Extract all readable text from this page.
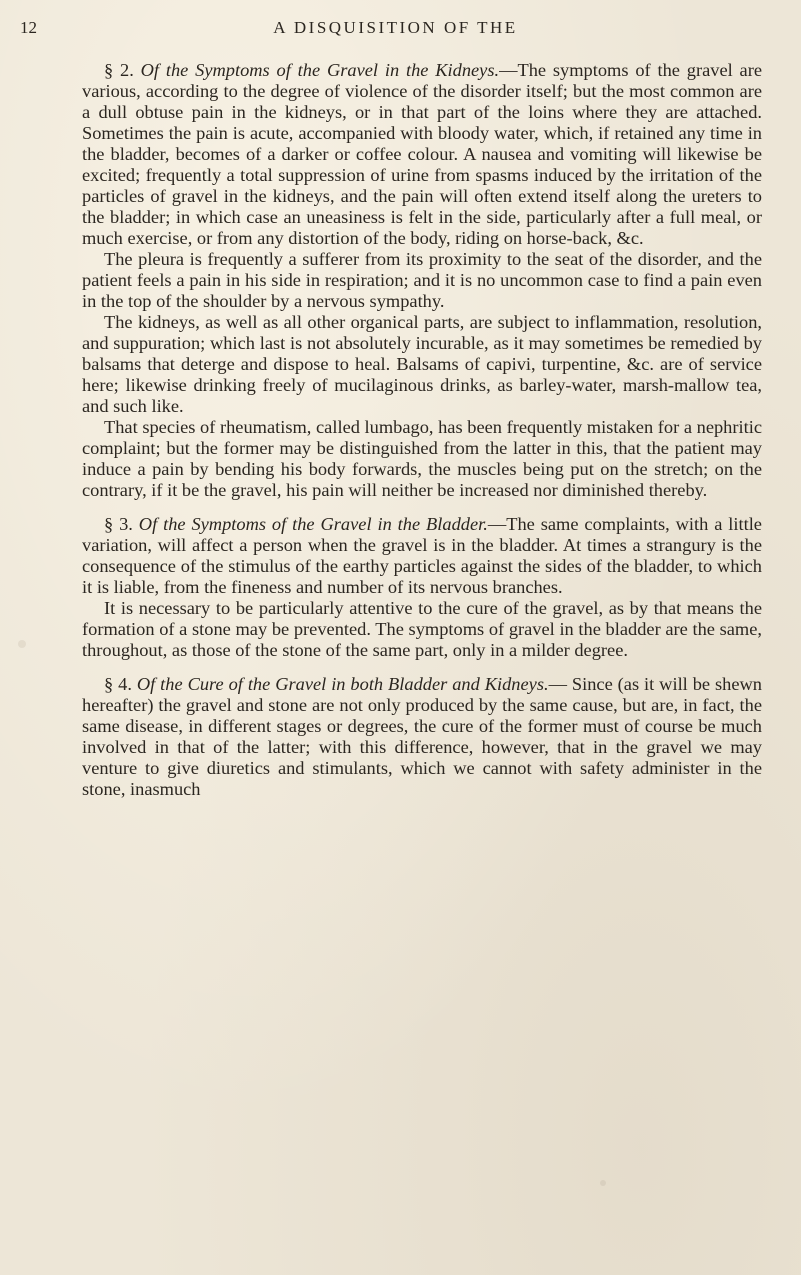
12	A DISQUISITION OF THE

§ 2. Of the Symptoms of the Gravel in the Kidneys.—The symptoms of the gravel are various, according to the degree of violence of the disorder itself; but the most common are a dull obtuse pain in the kidneys, or in that part of the loins where they are attached. Sometimes the pain is acute, accompanied with bloody water, which, if retained any time in the bladder, becomes of a darker or coffee colour. A nausea and vomiting will likewise be excited; frequently a total suppression of urine from spasms induced by the irritation of the particles of gravel in the kidneys, and the pain will often extend itself along the ureters to the bladder; in which case an uneasiness is felt in the side, particularly after a full meal, or much exercise, or from any distortion of the body, riding on horse-back, &c.

The pleura is frequently a sufferer from its proximity to the seat of the disorder, and the patient feels a pain in his side in respiration; and it is no uncommon case to find a pain even in the top of the shoulder by a nervous sympathy.

The kidneys, as well as all other organical parts, are subject to inflammation, resolution, and suppuration; which last is not absolutely incurable, as it may sometimes be remedied by balsams that deterge and dispose to heal. Balsams of capivi, turpentine, &c. are of service here; likewise drinking freely of mucilaginous drinks, as barley-water, marsh-mallow tea, and such like.

That species of rheumatism, called lumbago, has been frequently mistaken for a nephritic complaint; but the former may be distinguished from the latter in this, that the patient may induce a pain by bending his body forwards, the muscles being put on the stretch; on the contrary, if it be the gravel, his pain will neither be increased nor diminished thereby.

§ 3. Of the Symptoms of the Gravel in the Bladder.—The same complaints, with a little variation, will affect a person when the gravel is in the bladder. At times a strangury is the consequence of the stimulus of the earthy particles against the sides of the bladder, to which it is liable, from the fineness and number of its nervous branches.

It is necessary to be particularly attentive to the cure of the gravel, as by that means the formation of a stone may be prevented. The symptoms of gravel in the bladder are the same, throughout, as those of the stone of the same part, only in a milder degree.

§ 4. Of the Cure of the Gravel in both Bladder and Kidneys.— Since (as it will be shewn hereafter) the gravel and stone are not only produced by the same cause, but are, in fact, the same disease, in different stages or degrees, the cure of the former must of course be much involved in that of the latter; with this difference, however, that in the gravel we may venture to give diuretics and stimulants, which we cannot with safety administer in the stone, inasmuch
